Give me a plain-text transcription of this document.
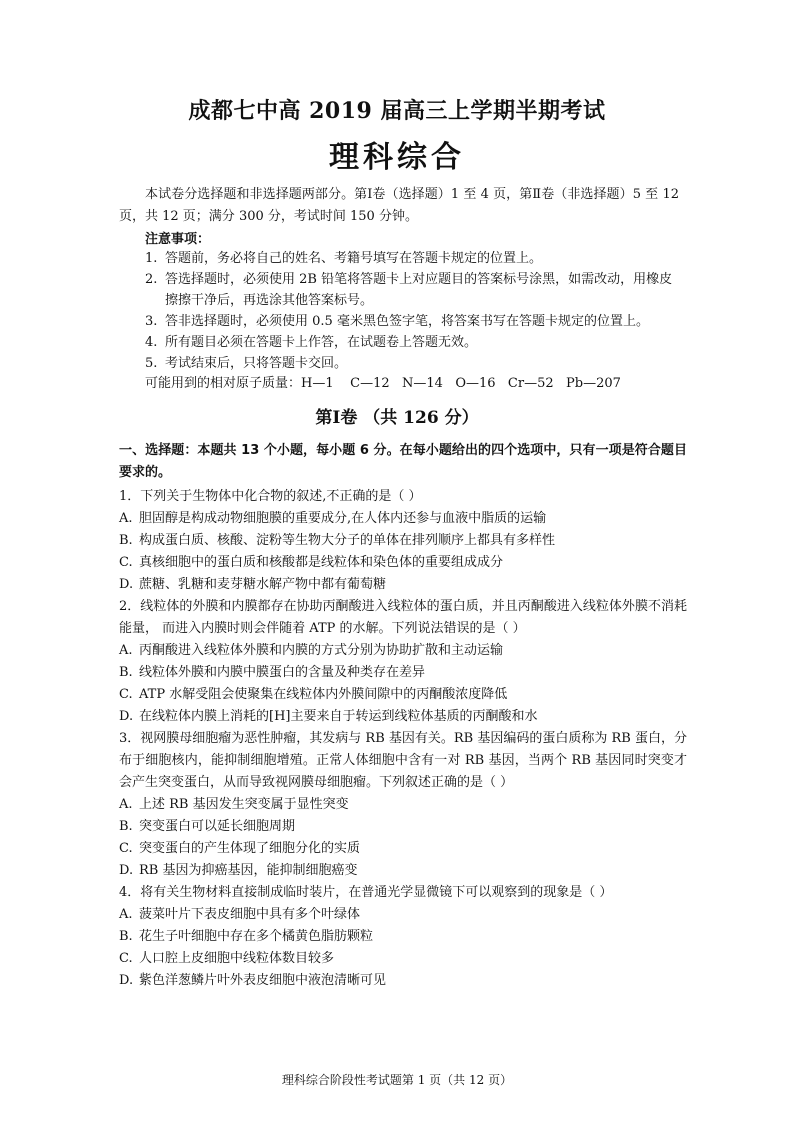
成都七中高 2019 届高三上学期半期考试
理科综合
本试卷分选择题和非选择题两部分。第Ⅰ卷（选择题）1 至 4 页，第Ⅱ卷（非选择题）5 至 12 页，共 12 页；满分 300 分，考试时间 150 分钟。
注意事项：
1. 答题前，务必将自己的姓名、考籍号填写在答题卡规定的位置上。
2. 答选择题时，必须使用 2B 铅笔将答题卡上对应题目的答案标号涂黑，如需改动，用橡皮擦擦干净后，再选涂其他答案标号。
3. 答非选择题时，必须使用 0.5 毫米黑色签字笔，将答案书写在答题卡规定的位置上。
4. 所有题目必须在答题卡上作答，在试题卷上答题无效。
5. 考试结束后，只将答题卡交回。
可能用到的相对原子质量：H—1    C—12   N—14   O—16   Cr—52   Pb—207
第Ⅰ卷 （共 126 分）
一、选择题：本题共 13 个小题，每小题 6 分。在每小题给出的四个选项中，只有一项是符合题目要求的。

1．下列关于生物体中化合物的叙述,不正确的是（ ）

A. 胆固醇是构成动物细胞膜的重要成分,在人体内还参与血液中脂质的运输

B. 构成蛋白质、核酸、淀粉等生物大分子的单体在排列顺序上都具有多样性

C. 真核细胞中的蛋白质和核酸都是线粒体和染色体的重要组成成分

D. 蔗糖、乳糖和麦芽糖水解产物中都有葡萄糖

2．线粒体的外膜和内膜都存在协助丙酮酸进入线粒体的蛋白质，并且丙酮酸进入线粒体外膜不消耗能量， 而进入内膜时则会伴随着 ATP 的水解。下列说法错误的是（ ）

A. 丙酮酸进入线粒体外膜和内膜的方式分别为协助扩散和主动运输

B. 线粒体外膜和内膜中膜蛋白的含量及种类存在差异

C. ATP 水解受阻会使聚集在线粒体内外膜间隙中的丙酮酸浓度降低

D. 在线粒体内膜上消耗的[H]主要来自于转运到线粒体基质的丙酮酸和水

3．视网膜母细胞瘤为恶性肿瘤，其发病与 RB 基因有关。RB 基因编码的蛋白质称为 RB 蛋白，分布于细胞核内，能抑制细胞增殖。正常人体细胞中含有一对 RB 基因，当两个 RB 基因同时突变才会产生突变蛋白，从而导致视网膜母细胞瘤。下列叙述正确的是（ ）

A. 上述 RB 基因发生突变属于显性突变

B. 突变蛋白可以延长细胞周期

C. 突变蛋白的产生体现了细胞分化的实质

D. RB 基因为抑癌基因，能抑制细胞癌变

4．将有关生物材料直接制成临时装片，在普通光学显微镜下可以观察到的现象是（ ）

A. 菠菜叶片下表皮细胞中具有多个叶绿体

B. 花生子叶细胞中存在多个橘黄色脂肪颗粒

C. 人口腔上皮细胞中线粒体数目较多

D. 紫色洋葱鳞片叶外表皮细胞中液泡清晰可见

理科综合阶段性考试题第 1 页（共 12 页）
